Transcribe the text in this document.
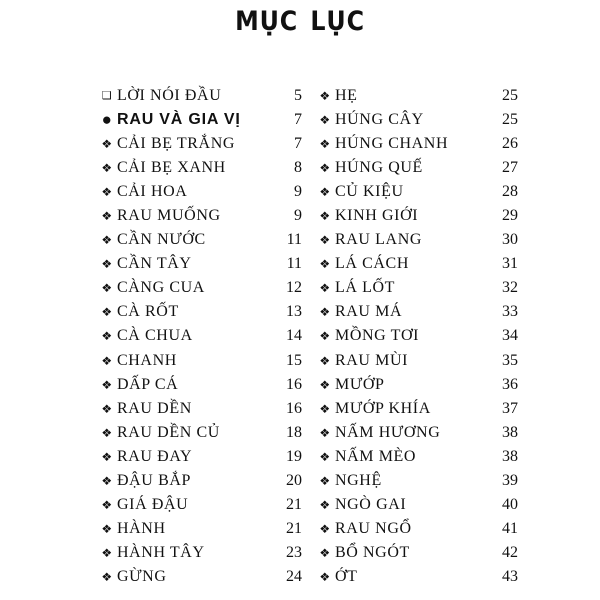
MỤC LỤC
❑ LỜI NÓI ĐẦU	5
● RAU VÀ GIA VỊ	7
❖ CẢI BẸ TRẮNG	7
❖ CẢI BẸ XANH	8
❖ CẢI HOA	9
❖ RAU MUỐNG	9
❖ CẦN NƯỚC	11
❖ CẦN TÂY	11
❖ CÀNG CUA	12
❖ CÀ RỐT	13
❖ CÀ CHUA	14
❖ CHANH	15
❖ DẤP CÁ	16
❖ RAU DỀN	16
❖ RAU DỀN CỦ	18
❖ RAU ĐAY	19
❖ ĐẬU BẮP	20
❖ GIÁ ĐẬU	21
❖ HÀNH	21
❖ HÀNH TÂY	23
❖ GỪNG	24
❖ HẸ	25
❖ HÚNG CÂY	25
❖ HÚNG CHANH	26
❖ HÚNG QUẾ	27
❖ CỦ KIỆU	28
❖ KINH GIỚI	29
❖ RAU LANG	30
❖ LÁ CÁCH	31
❖ LÁ LỐT	32
❖ RAU MÁ	33
❖ MỒNG TƠI	34
❖ RAU MÙI	35
❖ MƯỚP	36
❖ MƯỚP KHÍA	37
❖ NẤM HƯƠNG	38
❖ NẤM MÈO	38
❖ NGHỆ	39
❖ NGÒ GAI	40
❖ RAU NGỔ	41
❖ BỔ NGÓT	42
❖ ỚT	43
